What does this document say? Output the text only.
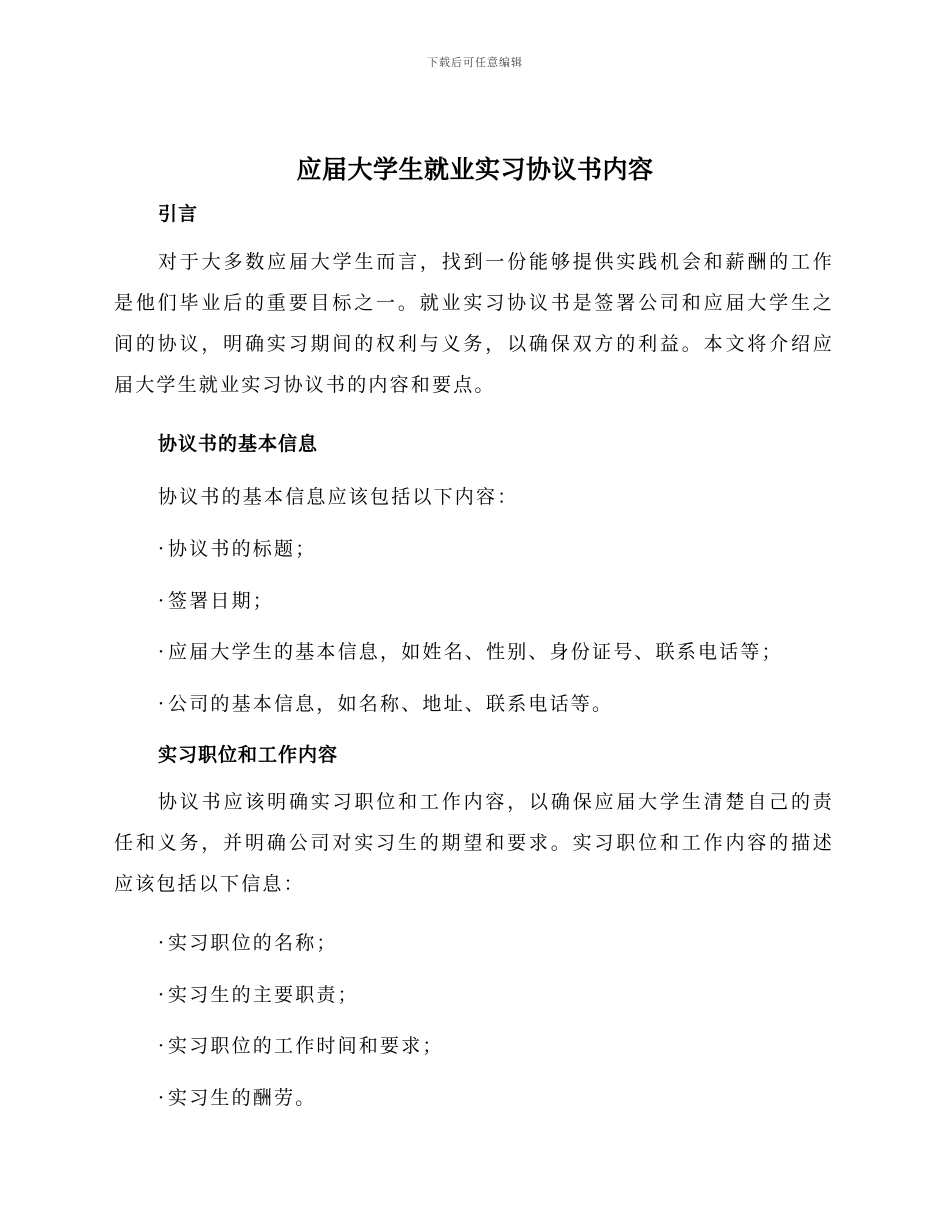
下载后可任意编辑
应届大学生就业实习协议书内容
引言
对于大多数应届大学生而言，找到一份能够提供实践机会和薪酬的工作是他们毕业后的重要目标之一。就业实习协议书是签署公司和应届大学生之间的协议，明确实习期间的权利与义务，以确保双方的利益。本文将介绍应届大学生就业实习协议书的内容和要点。
协议书的基本信息
协议书的基本信息应该包括以下内容：
·协议书的标题；
·签署日期；
·应届大学生的基本信息，如姓名、性别、身份证号、联系电话等；
·公司的基本信息，如名称、地址、联系电话等。
实习职位和工作内容
协议书应该明确实习职位和工作内容，以确保应届大学生清楚自己的责任和义务，并明确公司对实习生的期望和要求。实习职位和工作内容的描述应该包括以下信息：
·实习职位的名称；
·实习生的主要职责；
·实习职位的工作时间和要求；
·实习生的酬劳。
